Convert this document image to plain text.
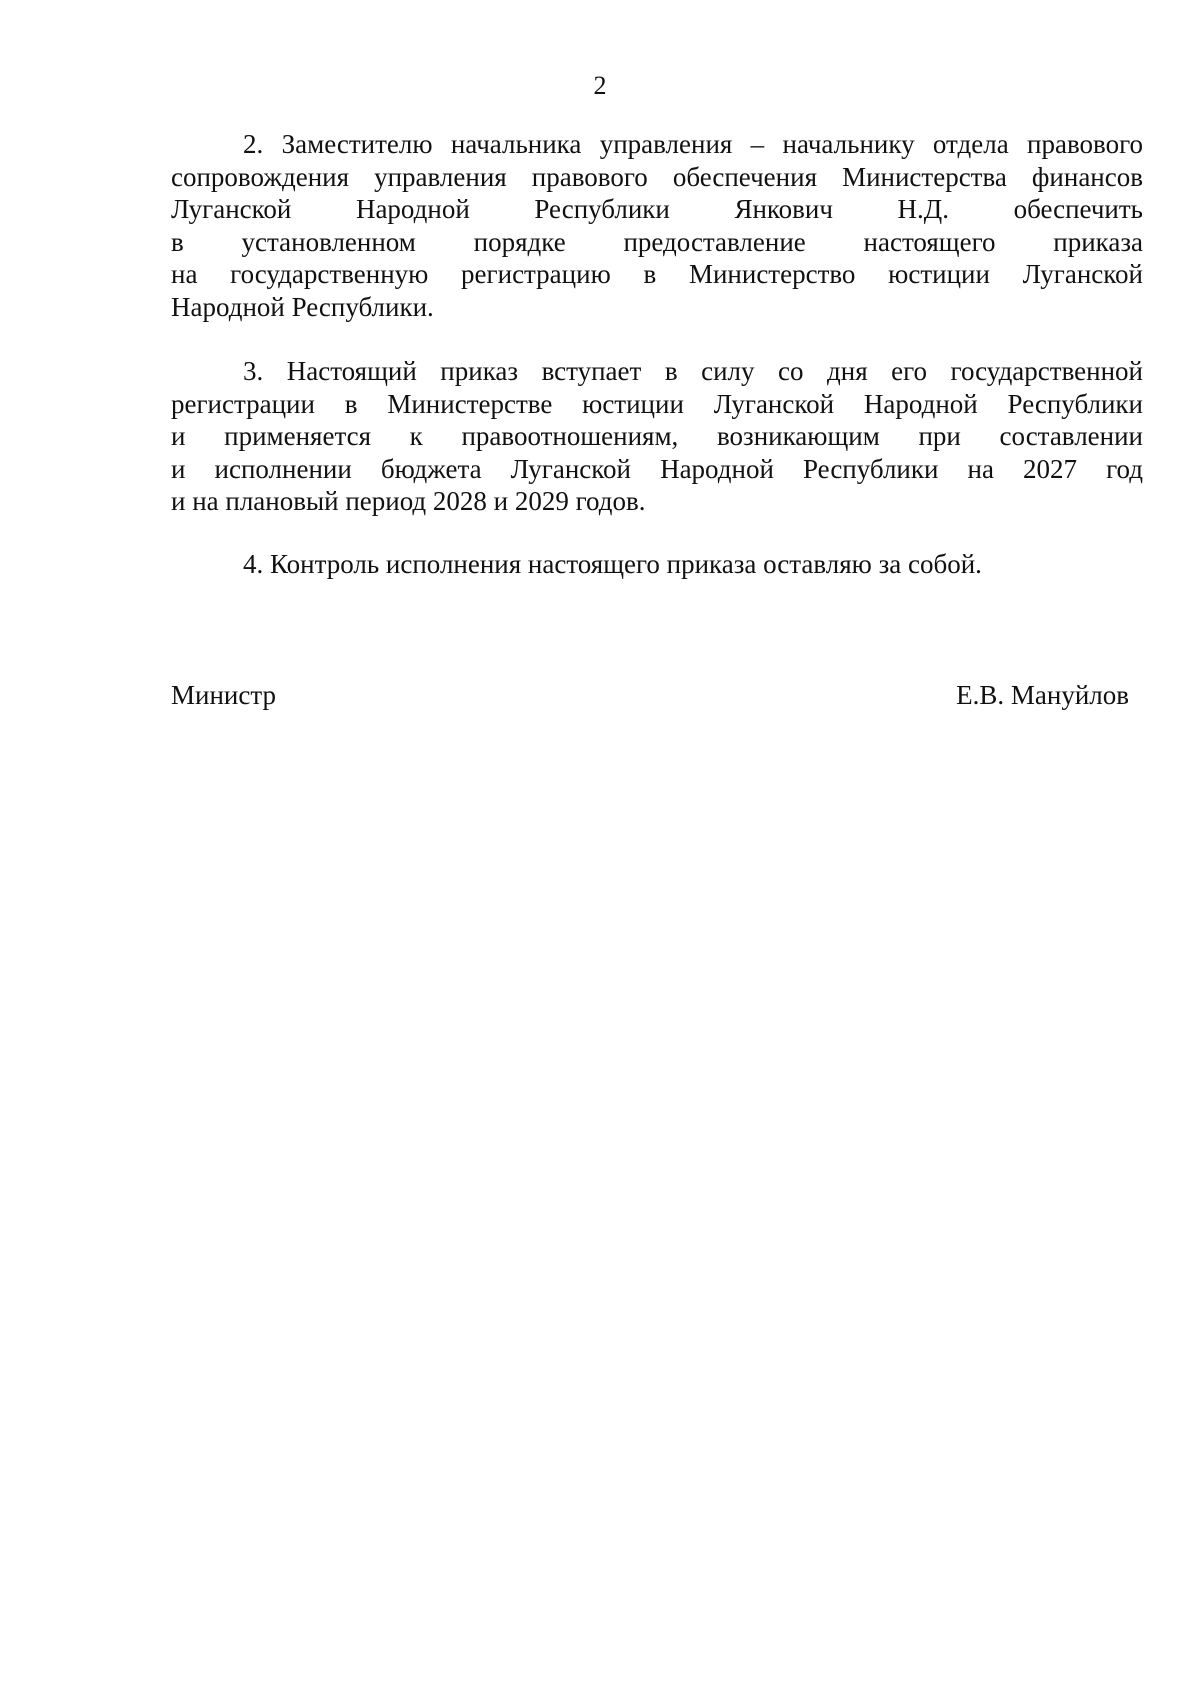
2
2. Заместителю начальника управления – начальнику отдела правового
сопровождения управления правового обеспечения Министерства финансов
Луганской Народной Республики Янкович Н.Д. обеспечить
в установленном порядке предоставление настоящего приказа
на государственную регистрацию в Министерство юстиции Луганской
Народной Республики.
3. Настоящий приказ вступает в силу со дня его государственной
регистрации в Министерстве юстиции Луганской Народной Республики
и применяется к правоотношениям, возникающим при составлении
и исполнении бюджета Луганской Народной Республики на 2027 год
и на плановый период 2028 и 2029 годов.
4. Контроль исполнения настоящего приказа оставляю за собой.
Министр	Е.В. Мануйлов
